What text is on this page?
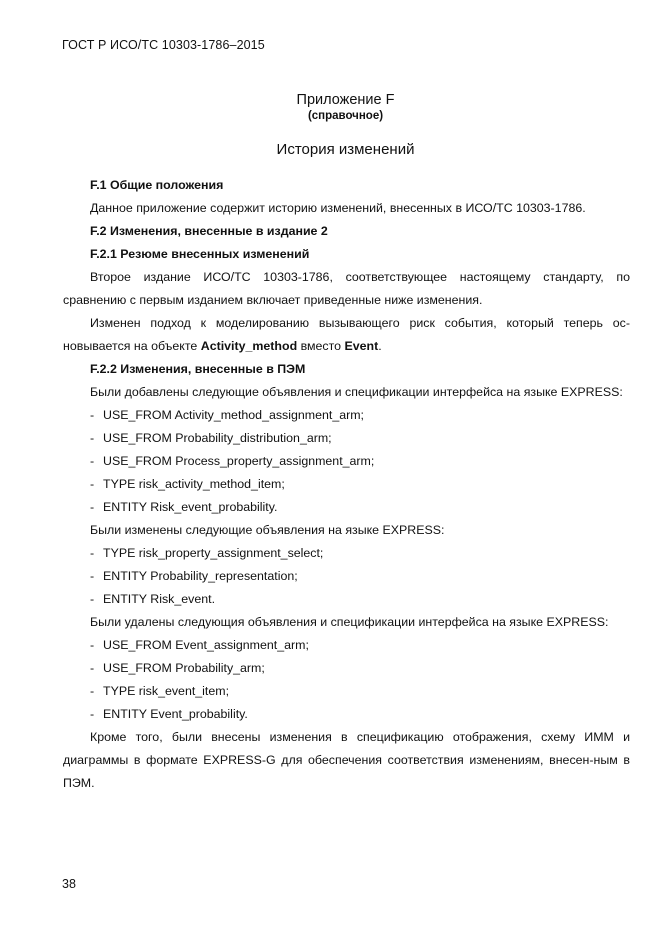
ГОСТ Р ИСО/ТС 10303-1786–2015
Приложение F
(справочное)
История изменений

F.1 Общие положения

Данное приложение содержит историю изменений, внесенных в ИСО/ТС 10303-1786.

F.2 Изменения, внесенные в издание 2

F.2.1 Резюме внесенных изменений

Второе издание ИСО/ТС 10303-1786, соответствующее настоящему стандарту, по сравнению с первым изданием включает приведенные ниже изменения.

Изменен подход к моделированию вызывающего риск события, который теперь ос-новывается на объекте Activity_method вместо Event.

F.2.2 Изменения, внесенные в ПЭМ

Были добавлены следующие объявления и спецификации интерфейса на языке EXPRESS:

- USE_FROM Activity_method_assignment_arm;

- USE_FROM Probability_distribution_arm;

- USE_FROM Process_property_assignment_arm;

- TYPE risk_activity_method_item;

- ENTITY Risk_event_probability.

Были изменены следующие объявления на языке EXPRESS:

- TYPE risk_property_assignment_select;

- ENTITY Probability_representation;

- ENTITY Risk_event.

Были удалены следующия объявления и спецификации интерфейса на языке EXPRESS:

- USE_FROM Event_assignment_arm;

- USE_FROM Probability_arm;

- TYPE risk_event_item;

- ENTITY Event_probability.

Кроме того, были внесены изменения в спецификацию отображения, схему ИММ и диаграммы в формате EXPRESS-G для обеспечения соответствия изменениям, внесен-ным в ПЭМ.

38
